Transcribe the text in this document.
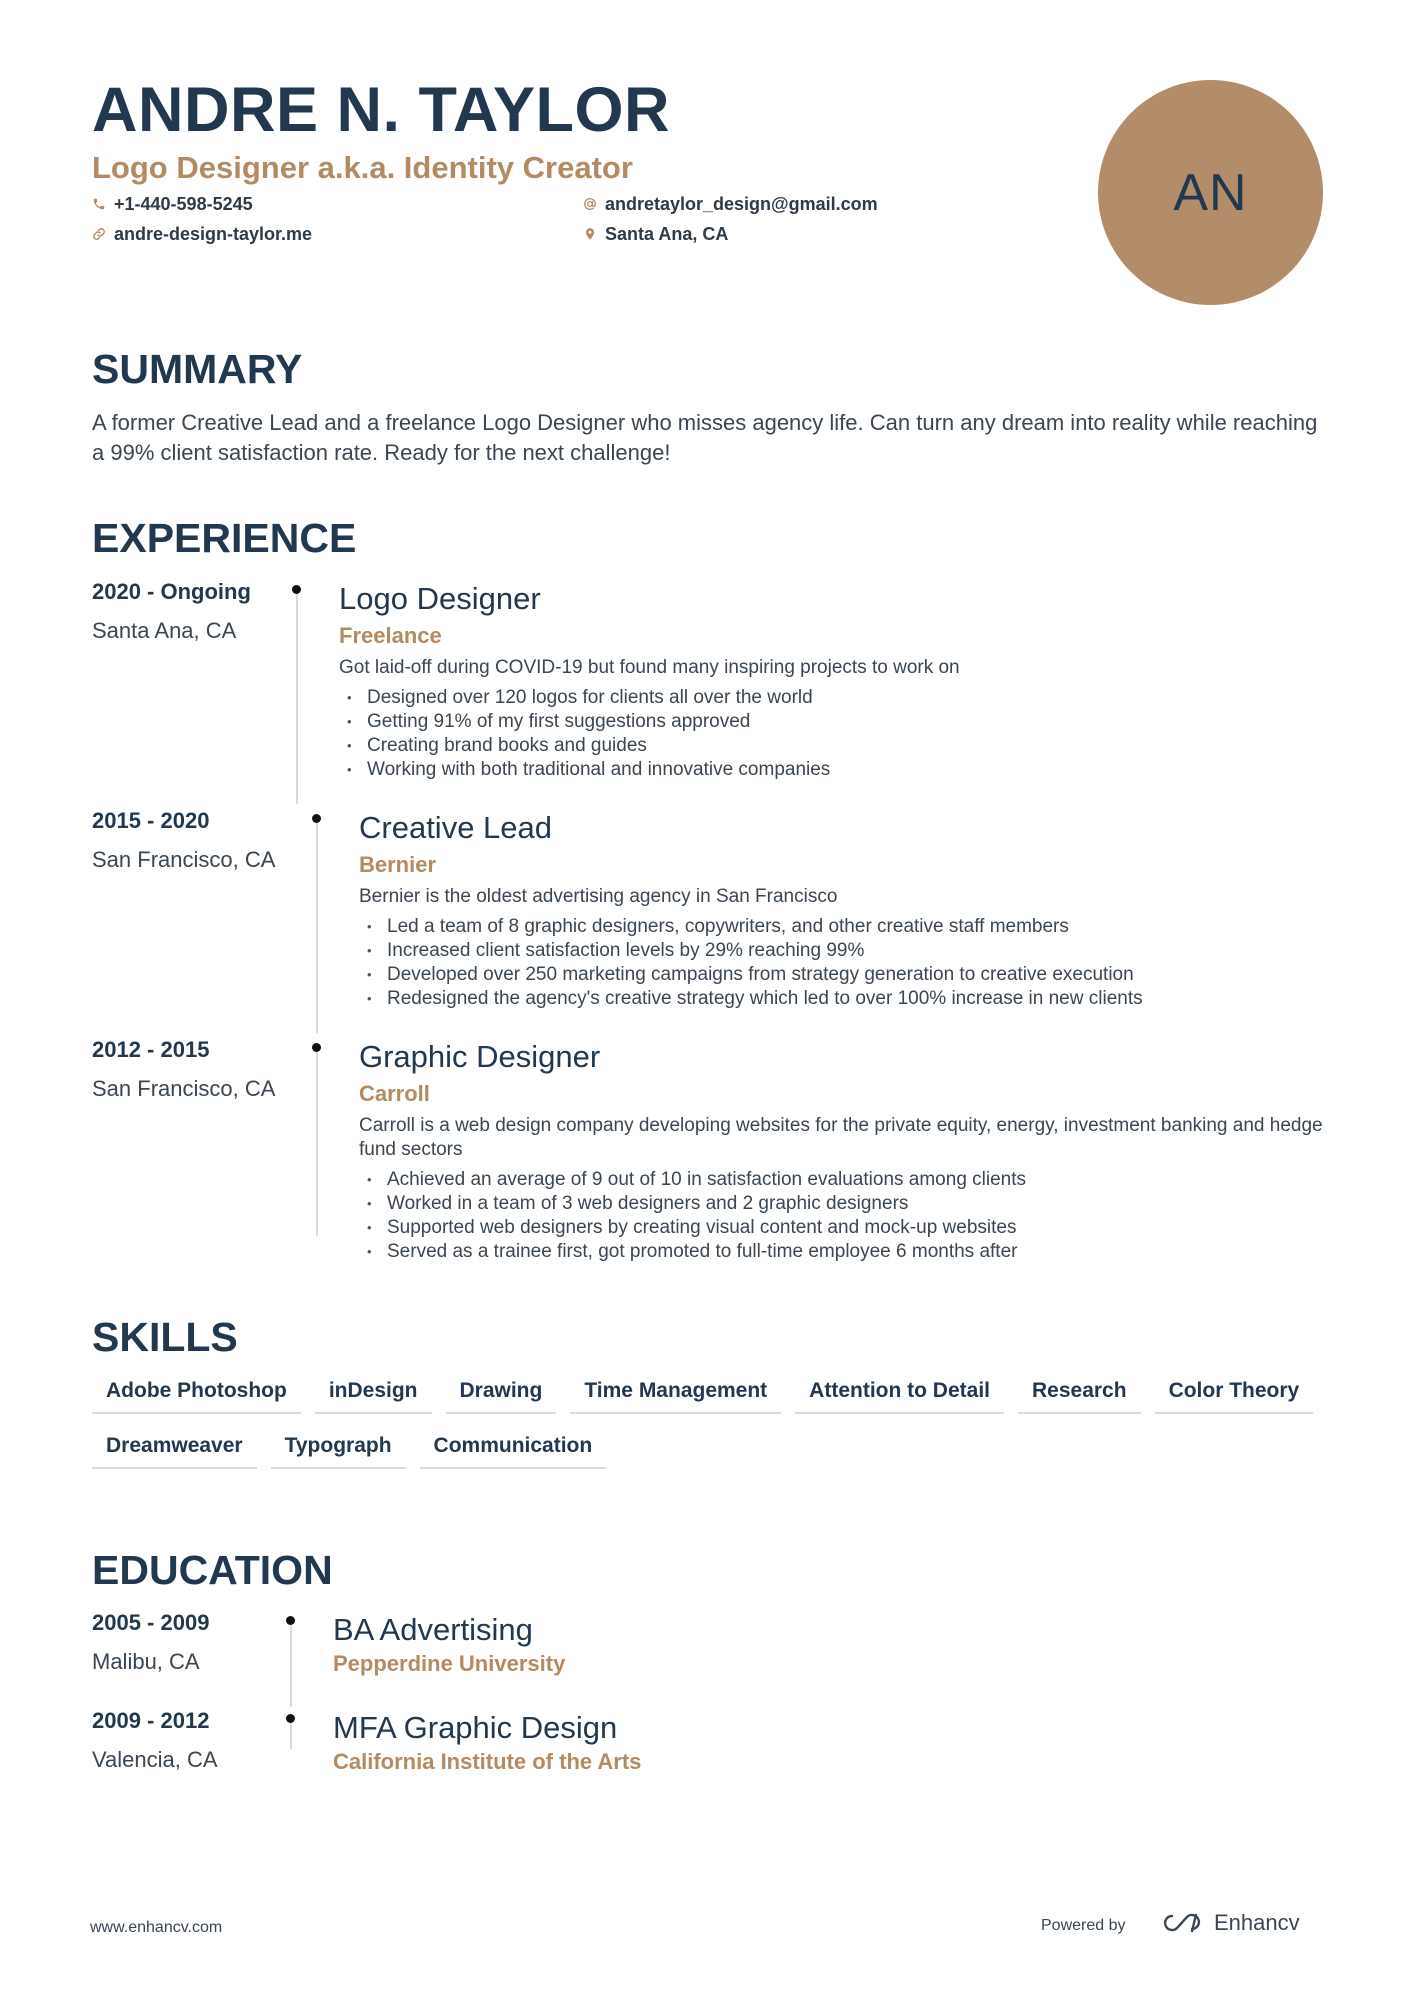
ANDRE N. TAYLOR
Logo Designer a.k.a. Identity Creator
+1-440-598-5245
andre-design-taylor.me
andretaylor_design@gmail.com
Santa Ana, CA
AN
SUMMARY
A former Creative Lead and a freelance Logo Designer who misses agency life. Can turn any dream into reality while reaching a 99% client satisfaction rate. Ready for the next challenge!
EXPERIENCE
2020 - Ongoing
Santa Ana, CA
Logo Designer
Freelance
Got laid-off during COVID-19 but found many inspiring projects to work on
• Designed over 120 logos for clients all over the world
• Getting 91% of my first suggestions approved
• Creating brand books and guides
• Working with both traditional and innovative companies
2015 - 2020
San Francisco, CA
Creative Lead
Bernier
Bernier is the oldest advertising agency in San Francisco
• Led a team of 8 graphic designers, copywriters, and other creative staff members
• Increased client satisfaction levels by 29% reaching 99%
• Developed over 250 marketing campaigns from strategy generation to creative execution
• Redesigned the agency's creative strategy which led to over 100% increase in new clients
2012 - 2015
San Francisco, CA
Graphic Designer
Carroll
Carroll is a web design company developing websites for the private equity, energy, investment banking and hedge fund sectors
• Achieved an average of 9 out of 10 in satisfaction evaluations among clients
• Worked in a team of 3 web designers and 2 graphic designers
• Supported web designers by creating visual content and mock-up websites
• Served as a trainee first, got promoted to full-time employee 6 months after
SKILLS
Adobe Photoshop	inDesign	Drawing	Time Management	Attention to Detail	Research	Color Theory
Dreamweaver	Typograph	Communication
EDUCATION
2005 - 2009
Malibu, CA
BA Advertising
Pepperdine University
2009 - 2012
Valencia, CA
MFA Graphic Design
California Institute of the Arts
www.enhancv.com	Powered by	Enhancv
